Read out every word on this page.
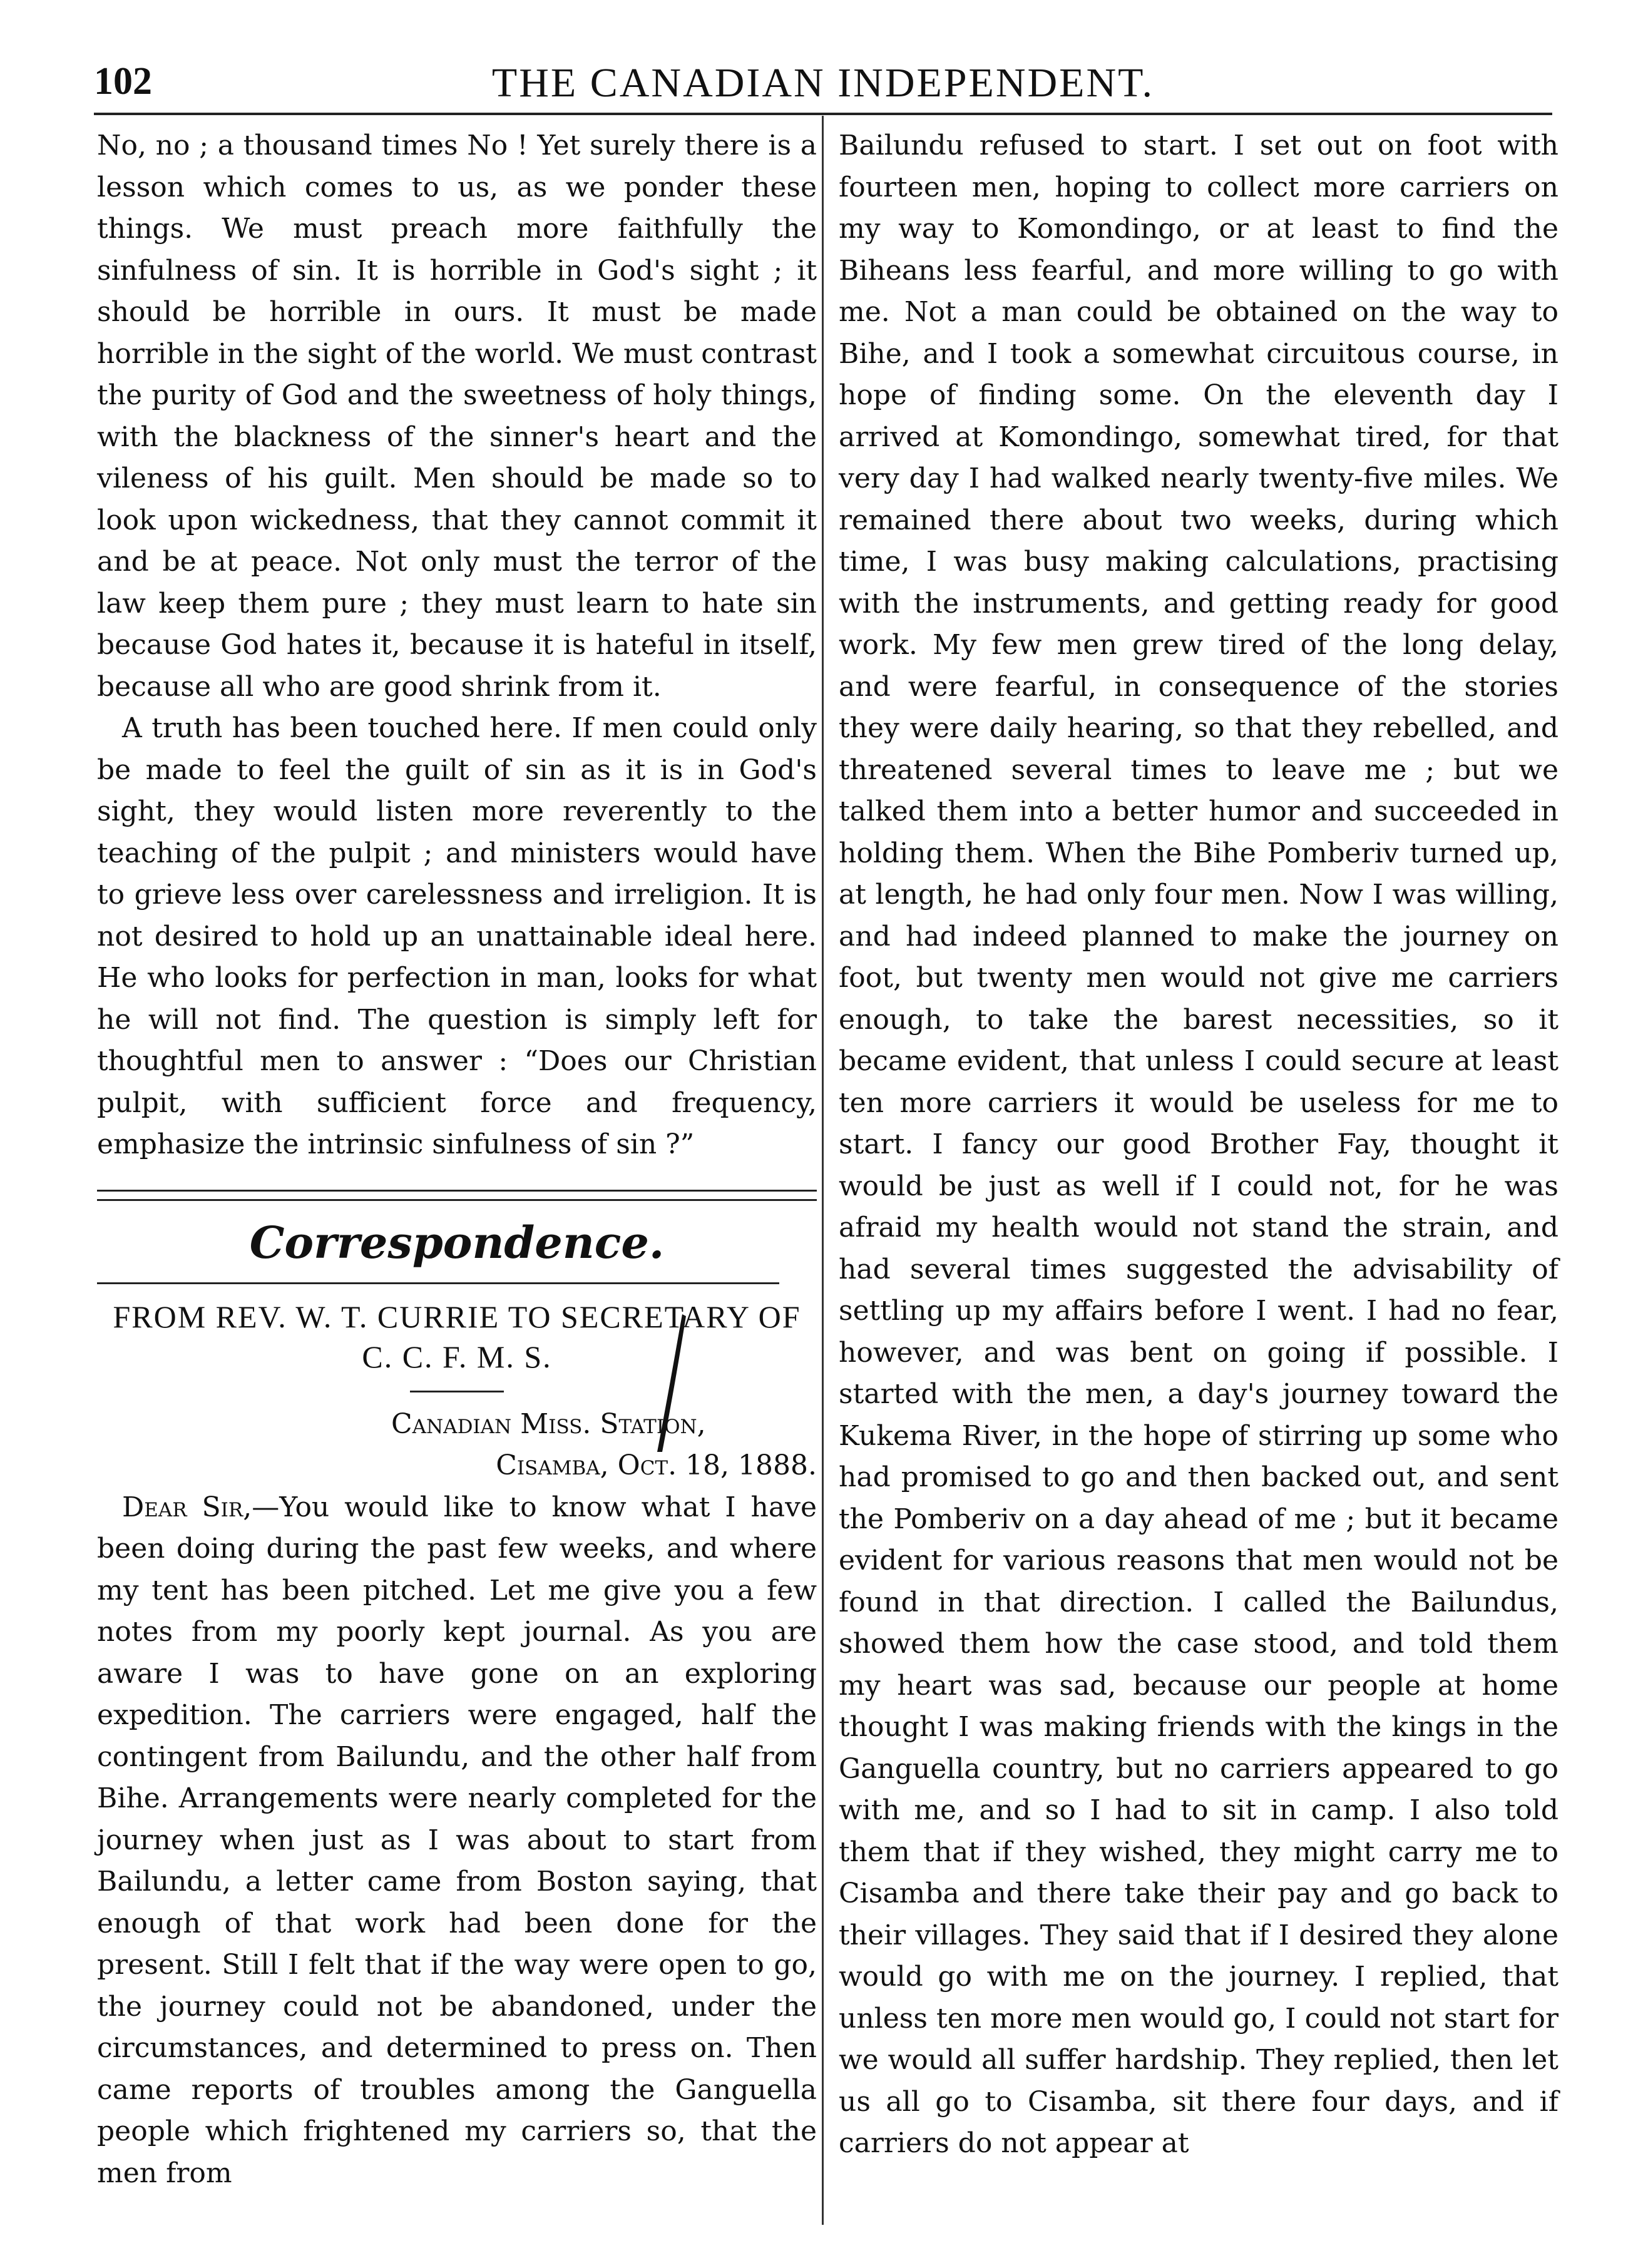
102	THE CANADIAN INDEPENDENT.

No, no ; a thousand times No ! Yet surely there is a lesson which comes to us, as we ponder these things. We must preach more faithfully the sinfulness of sin. It is horrible in God's sight ; it should be horrible in ours. It must be made horrible in the sight of the world. We must contrast the purity of God and the sweetness of holy things, with the blackness of the sinner's heart and the vileness of his guilt. Men should be made so to look upon wickedness, that they cannot commit it and be at peace. Not only must the terror of the law keep them pure ; they must learn to hate sin because God hates it, because it is hateful in itself, because all who are good shrink from it.

A truth has been touched here. If men could only be made to feel the guilt of sin as it is in God's sight, they would listen more reverently to the teaching of the pulpit ; and ministers would have to grieve less over carelessness and irreligion. It is not desired to hold up an unattainable ideal here. He who looks for perfection in man, looks for what he will not find. The question is simply left for thoughtful men to answer : “Does our Christian pulpit, with sufficient force and frequency, emphasize the intrinsic sinfulness of sin ?”

Correspondence.
FROM REV. W. T. CURRIE TO SECRETARY OF C. C. F. M. S.
Canadian Miss. Station,
Cisamba, Oct. 18, 1888.

Dear Sir,—You would like to know what I have been doing during the past few weeks, and where my tent has been pitched. Let me give you a few notes from my poorly kept journal. As you are aware I was to have gone on an exploring expedition. The carriers were engaged, half the contingent from Bailundu, and the other half from Bihe. Arrangements were nearly completed for the journey when just as I was about to start from Bailundu, a letter came from Boston saying, that enough of that work had been done for the present. Still I felt that if the way were open to go, the journey could not be abandoned, under the circumstances, and determined to press on. Then came reports of troubles among the Ganguella people which frightened my carriers so, that the men from

Bailundu refused to start. I set out on foot with fourteen men, hoping to collect more carriers on my way to Komondingo, or at least to find the Biheans less fearful, and more willing to go with me. Not a man could be obtained on the way to Bihe, and I took a somewhat circuitous course, in hope of finding some. On the eleventh day I arrived at Komondingo, somewhat tired, for that very day I had walked nearly twenty-five miles. We remained there about two weeks, during which time, I was busy making calculations, practising with the instruments, and getting ready for good work. My few men grew tired of the long delay, and were fearful, in consequence of the stories they were daily hearing, so that they rebelled, and threatened several times to leave me ; but we talked them into a better humor and succeeded in holding them. When the Bihe Pomberiv turned up, at length, he had only four men. Now I was willing, and had indeed planned to make the journey on foot, but twenty men would not give me carriers enough, to take the barest necessities, so it became evident, that unless I could secure at least ten more carriers it would be useless for me to start. I fancy our good Brother Fay, thought it would be just as well if I could not, for he was afraid my health would not stand the strain, and had several times suggested the advisability of settling up my affairs before I went. I had no fear, however, and was bent on going if possible. I started with the men, a day's journey toward the Kukema River, in the hope of stirring up some who had promised to go and then backed out, and sent the Pomberiv on a day ahead of me ; but it became evident for various reasons that men would not be found in that direction. I called the Bailundus, showed them how the case stood, and told them my heart was sad, because our people at home thought I was making friends with the kings in the Ganguella country, but no carriers appeared to go with me, and so I had to sit in camp. I also told them that if they wished, they might carry me to Cisamba and there take their pay and go back to their villages. They said that if I desired they alone would go with me on the journey. I replied, that unless ten more men would go, I could not start for we would all suffer hardship. They replied, then let us all go to Cisamba, sit there four days, and if carriers do not appear at
